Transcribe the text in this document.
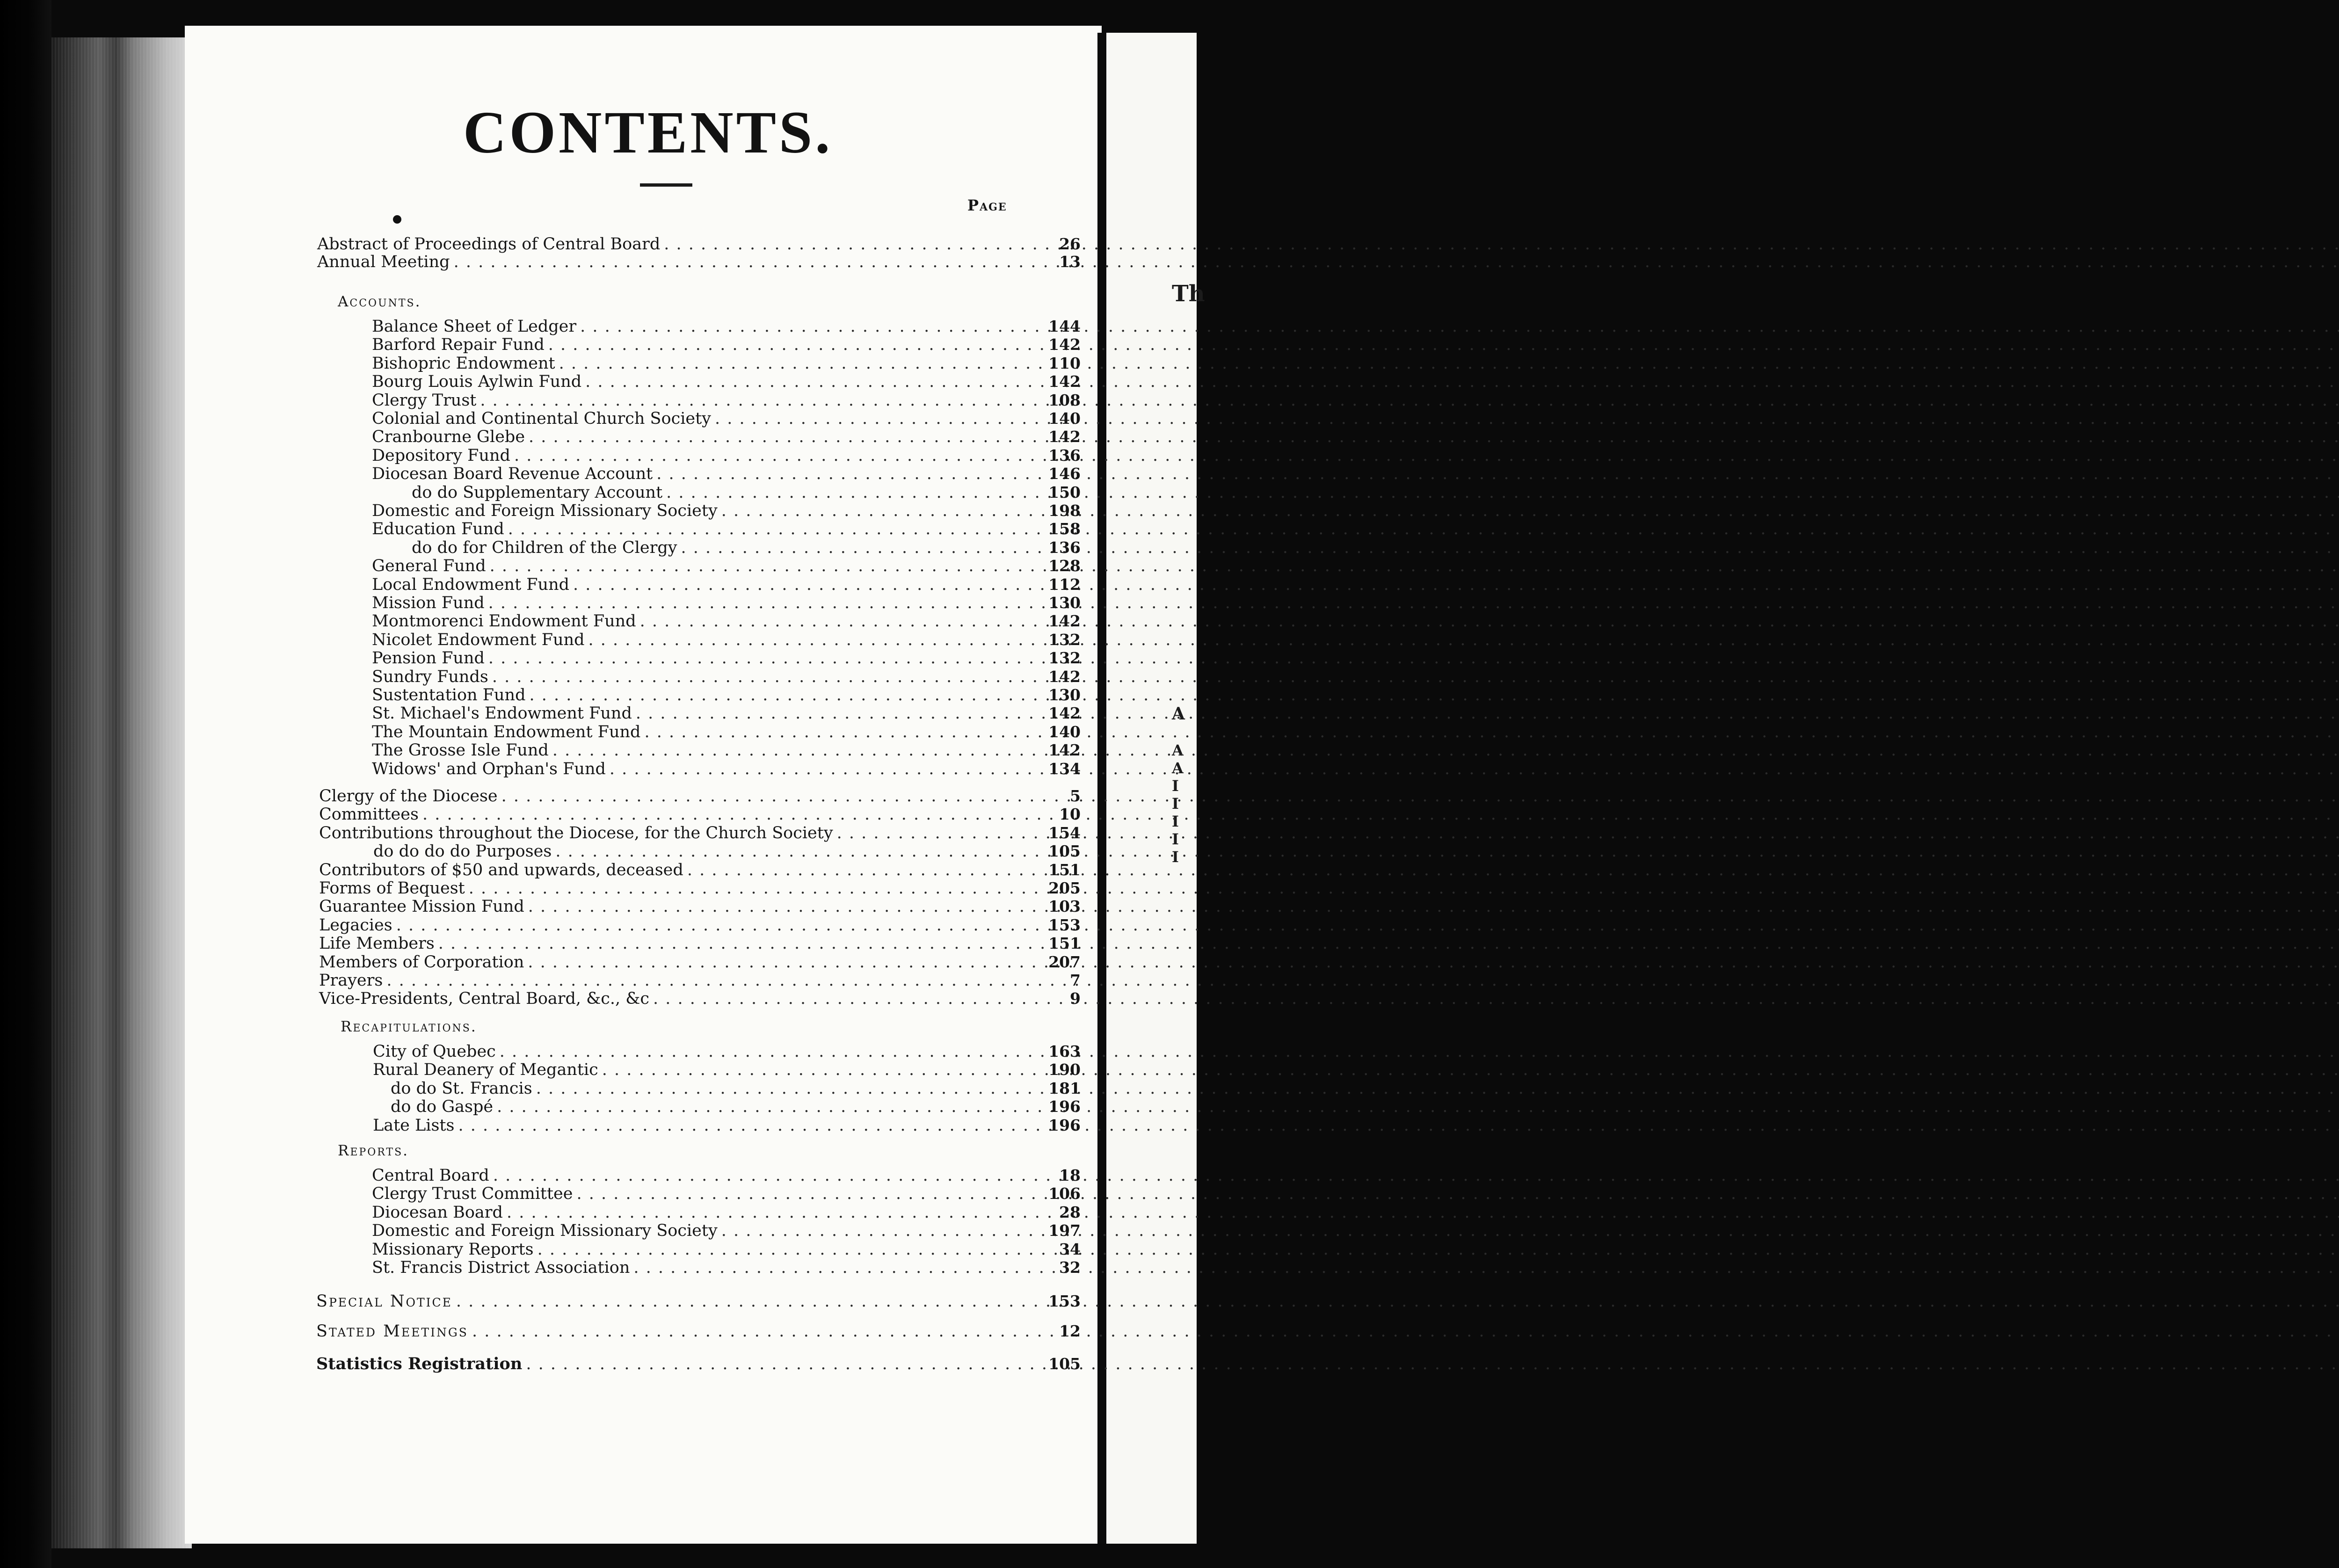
Th
A
A
A
I
I
I
I
I
CONTENTS.
Page
Abstract of Proceedings of Central Board . . .	26
Annual Meeting . . .	13
Accounts.
Balance Sheet of Ledger . . .	144
Barford Repair Fund . . .	142
Bishopric Endowment . . .	110
Bourg Louis Aylwin Fund . . .	142
Clergy Trust . . .	108
Colonial and Continental Church Society . . .	140
Cranbourne Glebe . . .	142
Depository Fund . . .	136
Diocesan Board Revenue Account . . .	146
do do Supplementary Account . . .	150
Domestic and Foreign Missionary Society . . .	198
Education Fund . . .	158
do do for Children of the Clergy . . .	136
General Fund . . .	128
Local Endowment Fund . . .	112
Mission Fund . . .	130
Montmorenci Endowment Fund . . .	142
Nicolet Endowment Fund . . .	132
Pension Fund . . .	132
Sundry Funds . . .	142
Sustentation Fund . . .	130
St. Michael's Endowment Fund . . .	142
The Mountain Endowment Fund . . .	140
The Grosse Isle Fund . . .	142
Widows' and Orphan's Fund . . .	134
Clergy of the Diocese . . .	5
Committees . . .	10
Contributions throughout the Diocese, for the Church Society . . .	154
do do do do Purposes . . .	105
Contributors of $50 and upwards, deceased . . .	151
Forms of Bequest . . .	205
Guarantee Mission Fund . . .	103
Legacies . . .	153
Life Members . . .	151
Members of Corporation . . .	207
Prayers . . .	7
Vice-Presidents, Central Board, &c., &c . . .	9
Recapitulations.
City of Quebec . . .	163
Rural Deanery of Megantic . . .	190
do do St. Francis . . .	181
do do Gaspé . . .	196
Late Lists . . .	196
Reports.
Central Board . . .	18
Clergy Trust Committee . . .	106
Diocesan Board . . .	28
Domestic and Foreign Missionary Society . . .	197
Missionary Reports . . .	34
St. Francis District Association . . .	32
Special Notice . . .	153
Stated Meetings . . .	12
Statistics Registration . . .	105
